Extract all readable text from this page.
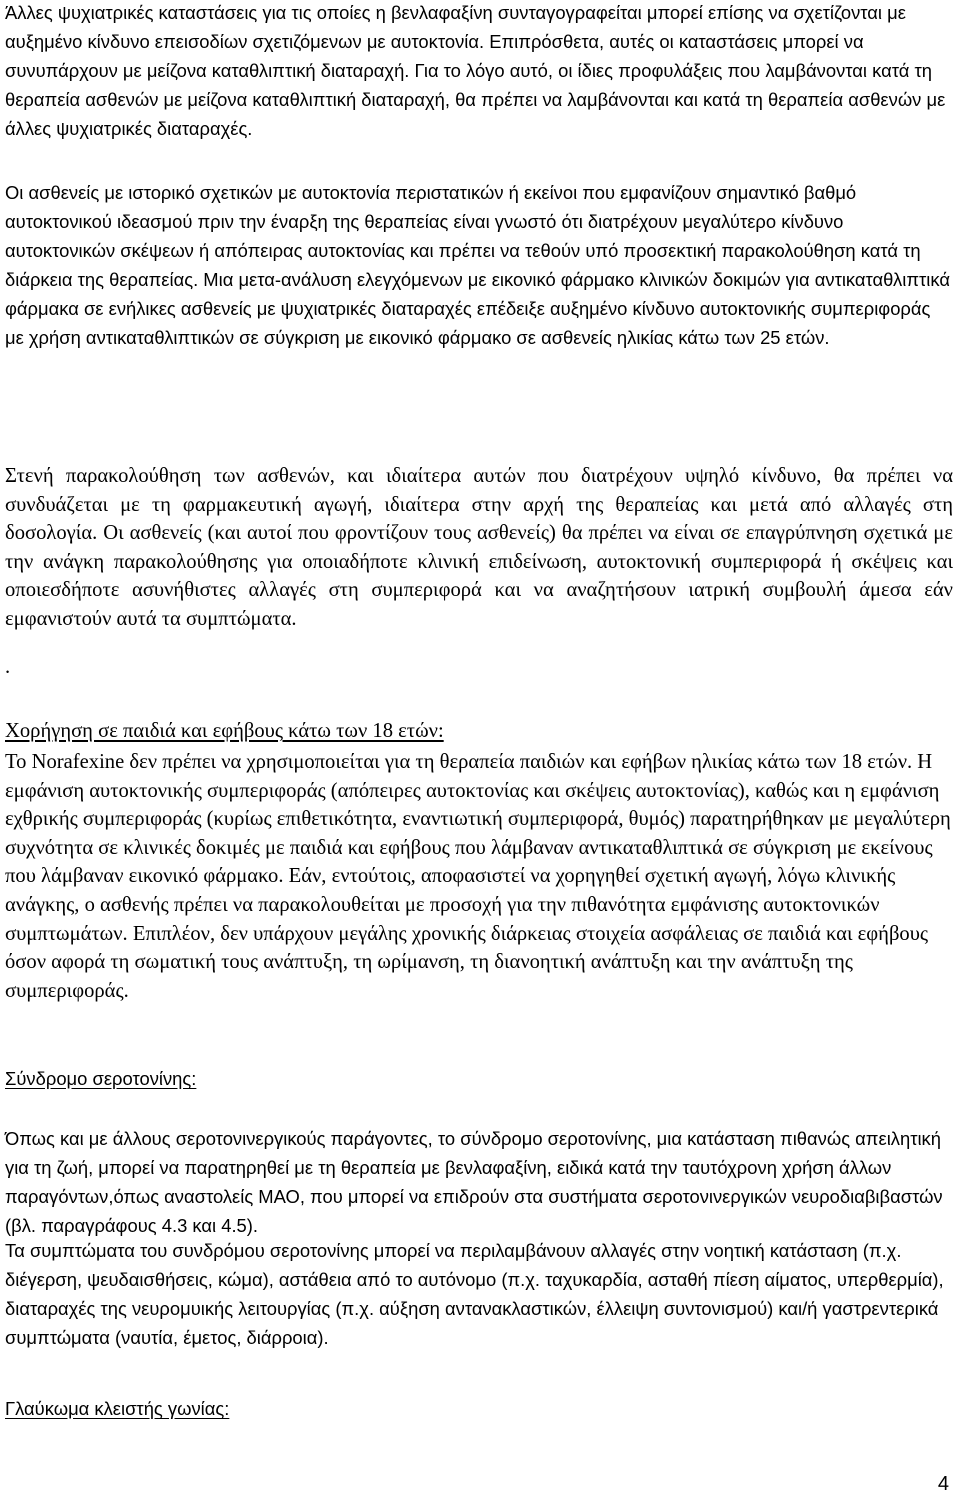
Άλλες ψυχιατρικές καταστάσεις για τις οποίες η βενλαφαξίνη συνταγογραφείται μπορεί επίσης να σχετίζονται με αυξημένο κίνδυνο επεισοδίων σχετιζόμενων με αυτοκτονία. Επιπρόσθετα, αυτές οι καταστάσεις μπορεί να συνυπάρχουν με μείζονα καταθλιπτική διαταραχή. Για το λόγο αυτό, οι ίδιες προφυλάξεις που λαμβάνονται κατά τη θεραπεία ασθενών με μείζονα καταθλιπτική διαταραχή, θα πρέπει να λαμβάνονται και κατά τη θεραπεία ασθενών με άλλες ψυχιατρικές διαταραχές.

Οι ασθενείς με ιστορικό σχετικών με αυτοκτονία περιστατικών ή εκείνοι που εμφανίζουν σημαντικό βαθμό αυτοκτονικού ιδεασμού πριν την έναρξη της θεραπείας είναι γνωστό ότι διατρέχουν μεγαλύτερο κίνδυνο αυτοκτονικών σκέψεων ή απόπειρας αυτοκτονίας και πρέπει να τεθούν υπό προσεκτική παρακολούθηση κατά τη διάρκεια της θεραπείας. Μια μετα-ανάλυση ελεγχόμενων με εικονικό φάρμακο κλινικών δοκιμών για αντικαταθλιπτικά φάρμακα σε ενήλικες ασθενείς με ψυχιατρικές διαταραχές επέδειξε αυξημένο κίνδυνο αυτοκτονικής συμπεριφοράς με χρήση αντικαταθλιπτικών σε σύγκριση με εικονικό φάρμακο σε ασθενείς ηλικίας κάτω των 25 ετών.

Στενή παρακολούθηση των ασθενών, και ιδιαίτερα αυτών που διατρέχουν υψηλό κίνδυνο, θα πρέπει να συνδυάζεται με τη φαρμακευτική αγωγή, ιδιαίτερα στην αρχή της θεραπείας και μετά από αλλαγές στη δοσολογία. Οι ασθενείς (και αυτοί που φροντίζουν τους ασθενείς) θα πρέπει να είναι σε επαγρύπνηση σχετικά με την ανάγκη παρακολούθησης για οποιαδήποτε κλινική επιδείνωση, αυτοκτονική συμπεριφορά ή σκέψεις και οποιεσδήποτε ασυνήθιστες αλλαγές στη συμπεριφορά και να αναζητήσουν ιατρική συμβουλή άμεσα εάν εμφανιστούν αυτά τα συμπτώματα.

.

Χορήγηση σε παιδιά και εφήβους κάτω των 18 ετών:

Το Norafexine δεν πρέπει να χρησιμοποιείται για τη θεραπεία παιδιών και εφήβων ηλικίας κάτω των 18 ετών. Η εμφάνιση αυτοκτονικής συμπεριφοράς (απόπειρες αυτοκτονίας και σκέψεις αυτοκτονίας), καθώς και η εμφάνιση εχθρικής συμπεριφοράς (κυρίως επιθετικότητα, εναντιωτική συμπεριφορά, θυμός) παρατηρήθηκαν με μεγαλύτερη συχνότητα σε κλινικές δοκιμές με παιδιά και εφήβους που λάμβαναν αντικαταθλιπτικά σε σύγκριση με εκείνους που λάμβαναν εικονικό φάρμακο. Εάν, εντούτοις, αποφασιστεί να χορηγηθεί σχετική αγωγή, λόγω κλινικής ανάγκης, ο ασθενής πρέπει να παρακολουθείται με προσοχή για την πιθανότητα εμφάνισης αυτοκτονικών συμπτωμάτων. Επιπλέον, δεν υπάρχουν μεγάλης χρονικής διάρκειας στοιχεία ασφάλειας σε παιδιά και εφήβους όσον αφορά τη σωματική τους ανάπτυξη, τη ωρίμανση, τη διανοητική ανάπτυξη και την ανάπτυξη της συμπεριφοράς.

Σύνδρομο σεροτονίνης:

Όπως και με άλλους σεροτονινεργικούς παράγοντες, το σύνδρομο σεροτονίνης, μια κατάσταση πιθανώς απειλητική για τη ζωή, μπορεί να παρατηρηθεί με τη θεραπεία με βενλαφαξίνη, ειδικά κατά την ταυτόχρονη χρήση άλλων παραγόντων,όπως αναστολείς ΜΑΟ, που μπορεί να επιδρούν στα συστήματα σεροτονινεργικών νευροδιαβιβαστών (βλ. παραγράφους 4.3 και 4.5).

Τα συμπτώματα του συνδρόμου σεροτονίνης μπορεί να περιλαμβάνουν αλλαγές στην νοητική κατάσταση (π.χ. διέγερση, ψευδαισθήσεις, κώμα), αστάθεια από το αυτόνομο (π.χ. ταχυκαρδία, ασταθή πίεση αίματος, υπερθερμία), διαταραχές της νευρομυικής λειτουργίας (π.χ. αύξηση αντανακλαστικών, έλλειψη συντονισμού) και/ή γαστρεντερικά συμπτώματα (ναυτία, έμετος, διάρροια).

Γλαύκωμα κλειστής γωνίας:

4
